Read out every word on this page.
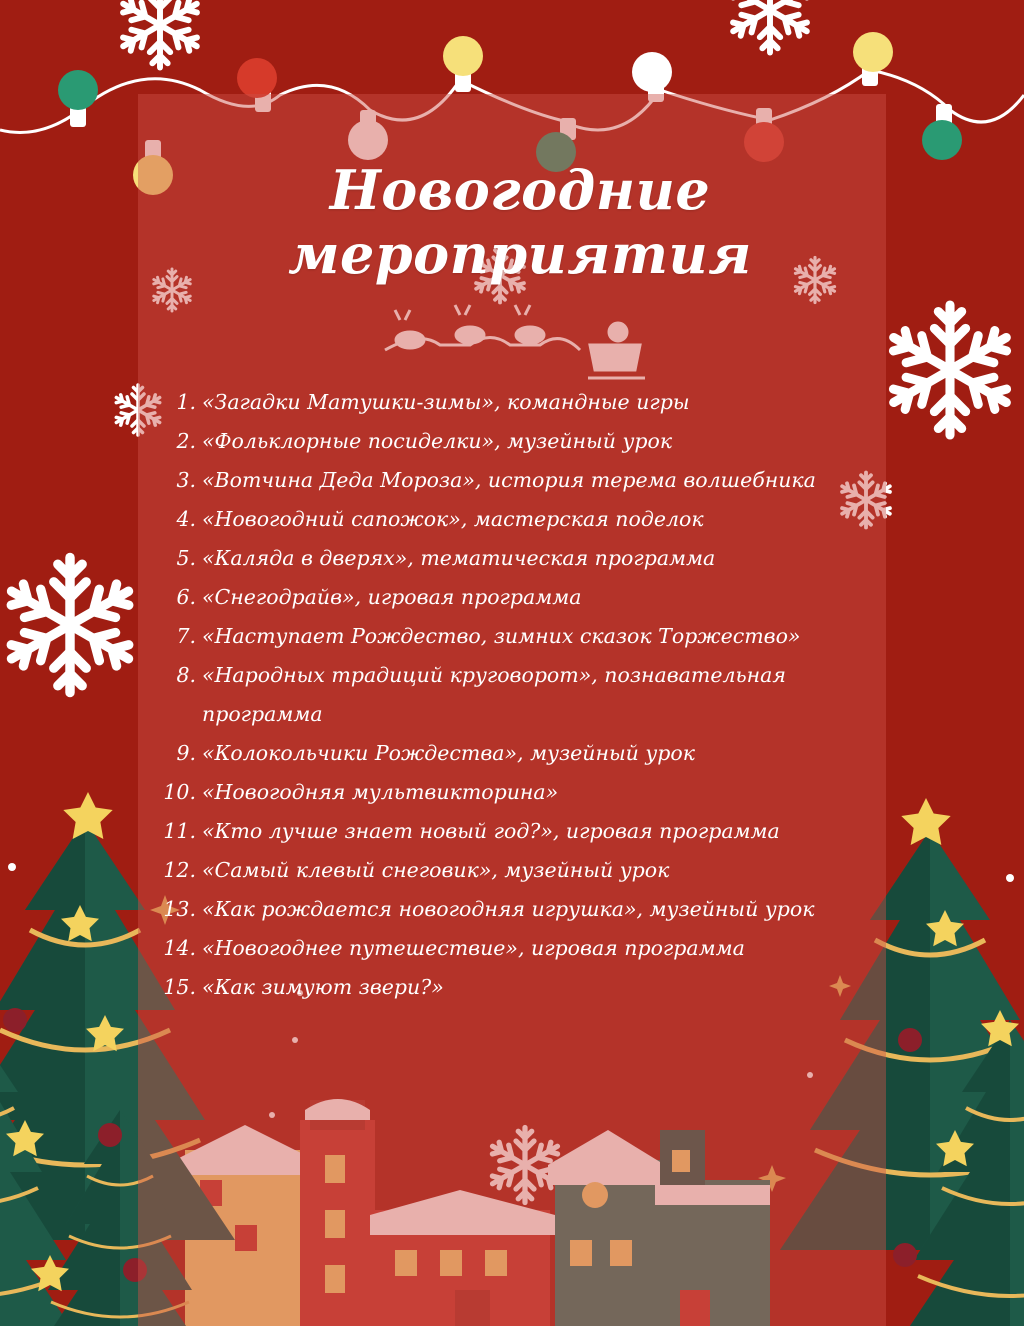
Новогодние мероприятия
1. «Загадки Матушки-зимы», командные игры
2. «Фольклорные посиделки», музейный урок
3. «Вотчина Деда Мороза», история терема волшебника
4. «Новогодний сапожок», мастерская поделок
5. «Каляда в дверях», тематическая программа
6. «Снегодрайв», игровая программа
7. «Наступает Рождество, зимних сказок Торжество»
8. «Народных традиций круговорот», познавательная программа
9. «Колокольчики Рождества», музейный урок
10. «Новогодняя мультвикторина»
11. «Кто лучше знает новый год?», игровая программа
12. «Самый клевый снеговик», музейный урок
13. «Как рождается новогодняя игрушка», музейный урок
14. «Новогоднее путешествие», игровая программа
15. «Как зимуют звери?»
